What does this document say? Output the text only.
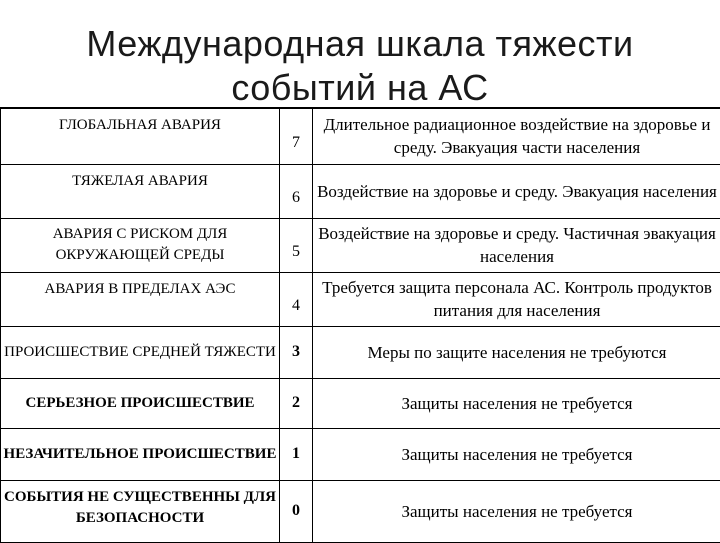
Международная шкала тяжести
событий на АС
ГЛОБАЛЬНАЯ АВАРИЯ	7	Длительное радиационное воздействие на здоровье и среду. Эвакуация части населения
ТЯЖЕЛАЯ АВАРИЯ	6	Воздействие на здоровье и среду. Эвакуация населения
АВАРИЯ С РИСКОМ ДЛЯ ОКРУЖАЮЩЕЙ СРЕДЫ	5	Воздействие на здоровье и среду. Частичная эвакуация населения
АВАРИЯ В ПРЕДЕЛАХ АЭС	4	Требуется защита персонала АС. Контроль продуктов питания для населения
ПРОИСШЕСТВИЕ СРЕДНЕЙ ТЯЖЕСТИ	3	Меры по защите населения не требуются
СЕРЬЕЗНОЕ ПРОИСШЕСТВИЕ	2	Защиты населения не требуется
НЕЗАЧИТЕЛЬНОЕ ПРОИСШЕСТВИЕ	1	Защиты населения не требуется
СОБЫТИЯ НЕ СУЩЕСТВЕННЫ ДЛЯ БЕЗОПАСНОСТИ	0	Защиты населения не требуется
